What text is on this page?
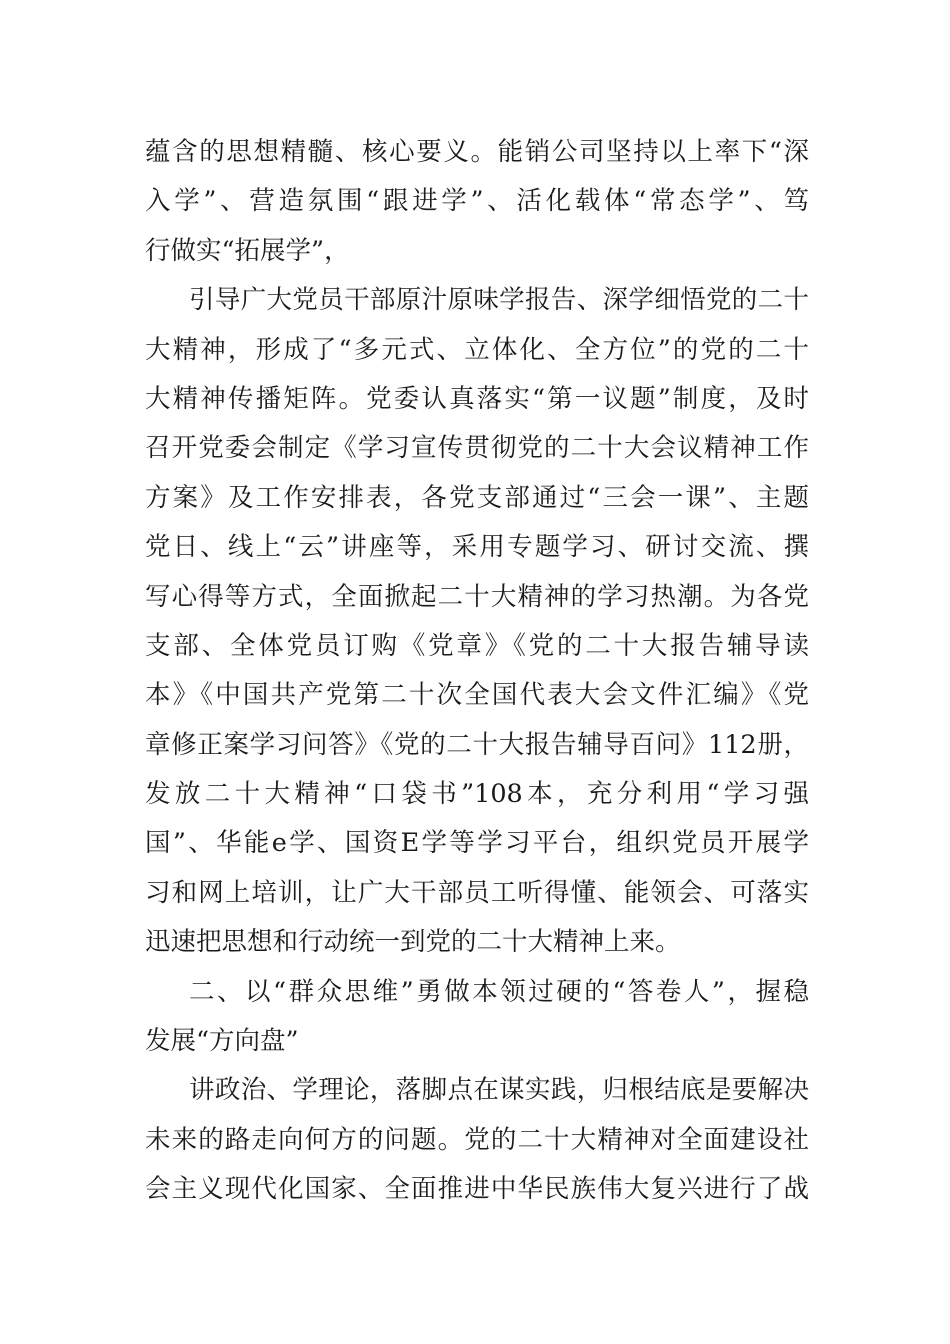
蕴含的思想精髓、核心要义。能销公司坚持以上率下“深
入学”、营造氛围“跟进学”、活化载体“常态学”、笃
行做实“拓展学”，
引导广大党员干部原汁原味学报告、深学细悟党的二十
大精神，形成了“多元式、立体化、全方位”的党的二十
大精神传播矩阵。党委认真落实“第一议题”制度，及时
召开党委会制定《学习宣传贯彻党的二十大会议精神工作
方案》及工作安排表，各党支部通过“三会一课”、主题
党日、线上“云”讲座等，采用专题学习、研讨交流、撰
写心得等方式，全面掀起二十大精神的学习热潮。为各党
支部、全体党员订购《党章》《党的二十大报告辅导读
本》《中国共产党第二十次全国代表大会文件汇编》《党
章修正案学习问答》《党的二十大报告辅导百问》112册，
发放二十大精神“口袋书”108本，充分利用“学习强
国”、华能e学、国资E学等学习平台，组织党员开展学
习和网上培训，让广大干部员工听得懂、能领会、可落实
迅速把思想和行动统一到党的二十大精神上来。
二、以“群众思维”勇做本领过硬的“答卷人”，握稳
发展“方向盘”
讲政治、学理论，落脚点在谋实践，归根结底是要解决
未来的路走向何方的问题。党的二十大精神对全面建设社
会主义现代化国家、全面推进中华民族伟大复兴进行了战
